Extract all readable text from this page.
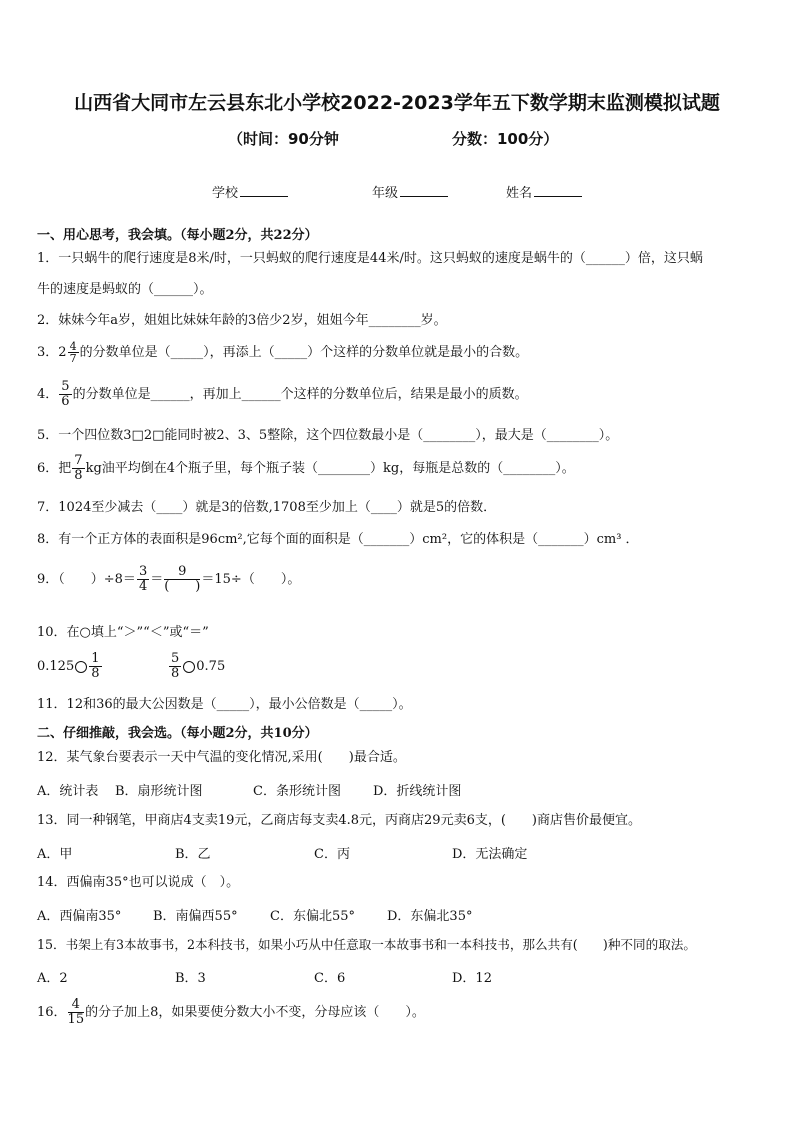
山西省大同市左云县东北小学校2022-2023学年五下数学期末监测模拟试题
（时间：90分钟	分数：100分）
学校	年级	姓名
一、用心思考，我会填。（每小题2分，共22分）
1．一只蜗牛的爬行速度是8米/时，一只蚂蚁的爬行速度是44米/时。这只蚂蚁的速度是蜗牛的（______）倍，这只蜗
牛的速度是蚂蚁的（______）。
2．妹妹今年a岁，姐姐比妹妹年龄的3倍少2岁，姐姐今年________岁。
3．$2 \frac{4}{7}$ 的分数单位是（_____），再添上（_____）个这样的分数单位就是最小的合数。
4． $\frac{5}{6}$ 的分数单位是______，再加上______个这样的分数单位后，结果是最小的质数。
5．一个四位数3□2□能同时被2、3、5整除，这个四位数最小是（________），最大是（________）。
6．把 $\frac{7}{8}$ kg油平均倒在4个瓶子里，每个瓶子装（________）kg，每瓶是总数的（________）。
7．1024至少减去（____）就是3的倍数,1708至少加上（____）就是5的倍数．
8．有一个正方体的表面积是96cm²,它每个面的面积是（_______）cm²，它的体积是（_______）cm³ ．
9．（　　）$\div 8= \frac{3}{4} = \frac{9}{( )} =15\div$（　　）。
10．在○填上“＞”“＜”或“＝”
$0.125 \frac{1}{8}$	$\frac{5}{8} 0.75$
11．12和36的最大公因数是（_____），最小公倍数是（_____）。
二、仔细推敲，我会选。（每小题2分，共10分）
12．某气象台要表示一天中气温的变化情况,采用(　　)最合适。
A．统计表 B．扇形统计图	C．条形统计图 D．折线统计图
13．同一种钢笔，甲商店4支卖19元，乙商店每支卖4.8元，丙商店29元卖6支，(　　)商店售价最便宜。
A．甲	B．乙	C．丙	D．无法确定
14．西偏南35°也可以说成（　）。
A．西偏南35° B．南偏西55° C．东偏北55° D．东偏北35°
15．书架上有3本故事书，2本科技书，如果小巧从中任意取一本故事书和一本科技书，那么共有(　　)种不同的取法。
A．2	B．3	C．6	D．12
16． $\frac{4}{15}$ 的分子加上8，如果要使分数大小不变，分母应该（　　）。
